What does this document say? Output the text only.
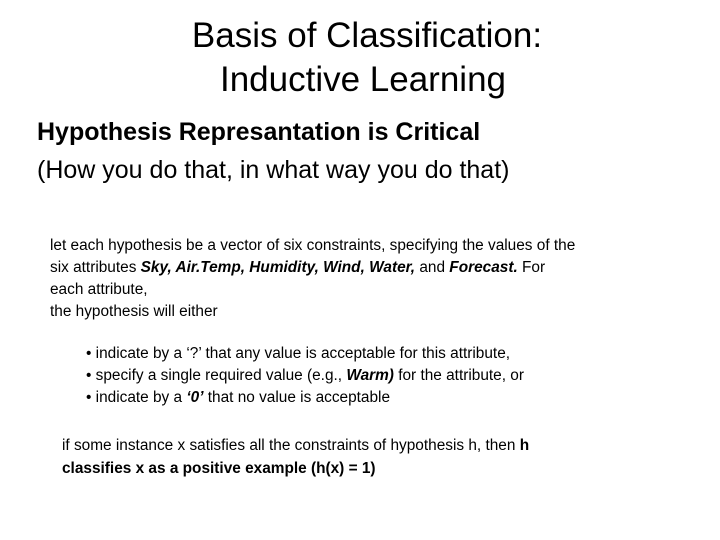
Basis of Classification:
Inductive Learning
Hypothesis Represantation is Critical
(How you do that, in what way you do that)
let each hypothesis be a vector of six constraints, specifying the values of the
six attributes Sky, Air.Temp, Humidity, Wind, Water, and Forecast. For
each attribute,
the hypothesis will either
• indicate by a ‘?’ that any value is acceptable for this attribute,
• specify a single required value (e.g., Warm) for the attribute, or
• indicate by a ‘0’ that no value is acceptable
if some instance x satisfies all the constraints of hypothesis h, then h
classifies x as a positive example (h(x) = 1)
